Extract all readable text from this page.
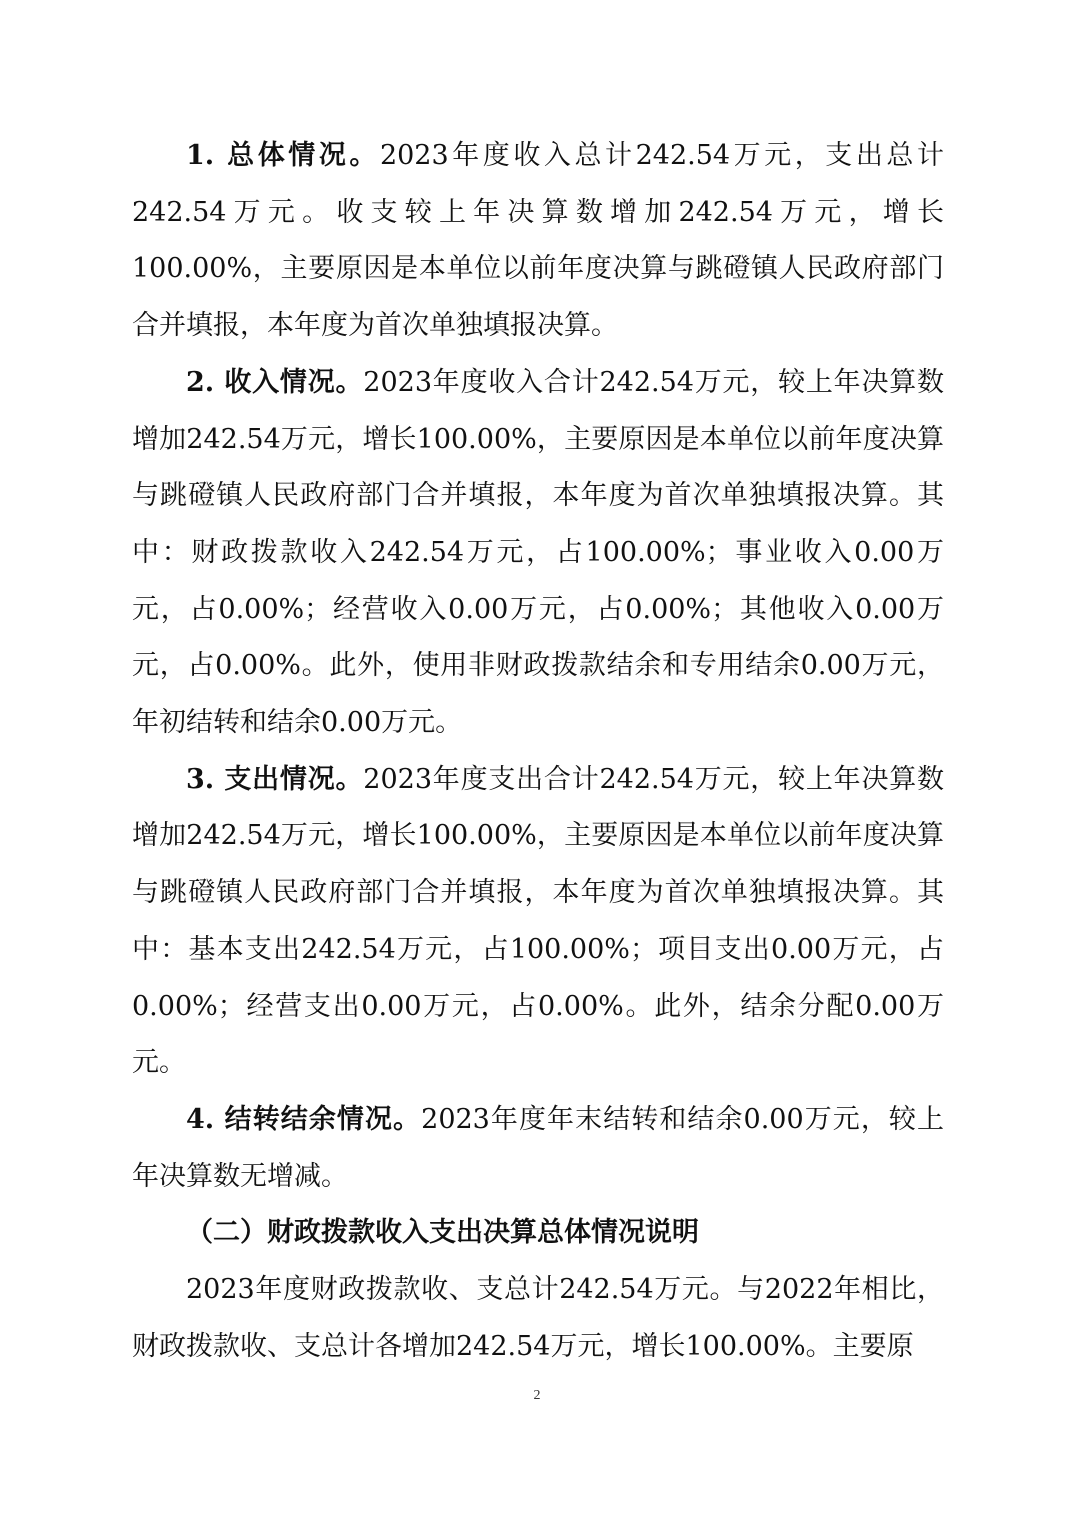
1. 总体情况。2023年度收入总计242.54万元，支出总计242.54万元。收支较上年决算数增加242.54万元，增长100.00%，主要原因是本单位以前年度决算与跳磴镇人民政府部门合并填报，本年度为首次单独填报决算。

2. 收入情况。2023年度收入合计242.54万元，较上年决算数增加242.54万元，增长100.00%，主要原因是本单位以前年度决算与跳磴镇人民政府部门合并填报，本年度为首次单独填报决算。其中：财政拨款收入242.54万元，占100.00%；事业收入0.00万元，占0.00%；经营收入0.00万元，占0.00%；其他收入0.00万元，占0.00%。此外，使用非财政拨款结余和专用结余0.00万元，年初结转和结余0.00万元。

3. 支出情况。2023年度支出合计242.54万元，较上年决算数增加242.54万元，增长100.00%，主要原因是本单位以前年度决算与跳磴镇人民政府部门合并填报，本年度为首次单独填报决算。其中：基本支出242.54万元，占100.00%；项目支出0.00万元，占0.00%；经营支出0.00万元，占0.00%。此外，结余分配0.00万元。

4. 结转结余情况。2023年度年末结转和结余0.00万元，较上年决算数无增减。

（二）财政拨款收入支出决算总体情况说明

2023年度财政拨款收、支总计242.54万元。与2022年相比，财政拨款收、支总计各增加242.54万元，增长100.00%。主要原

2
